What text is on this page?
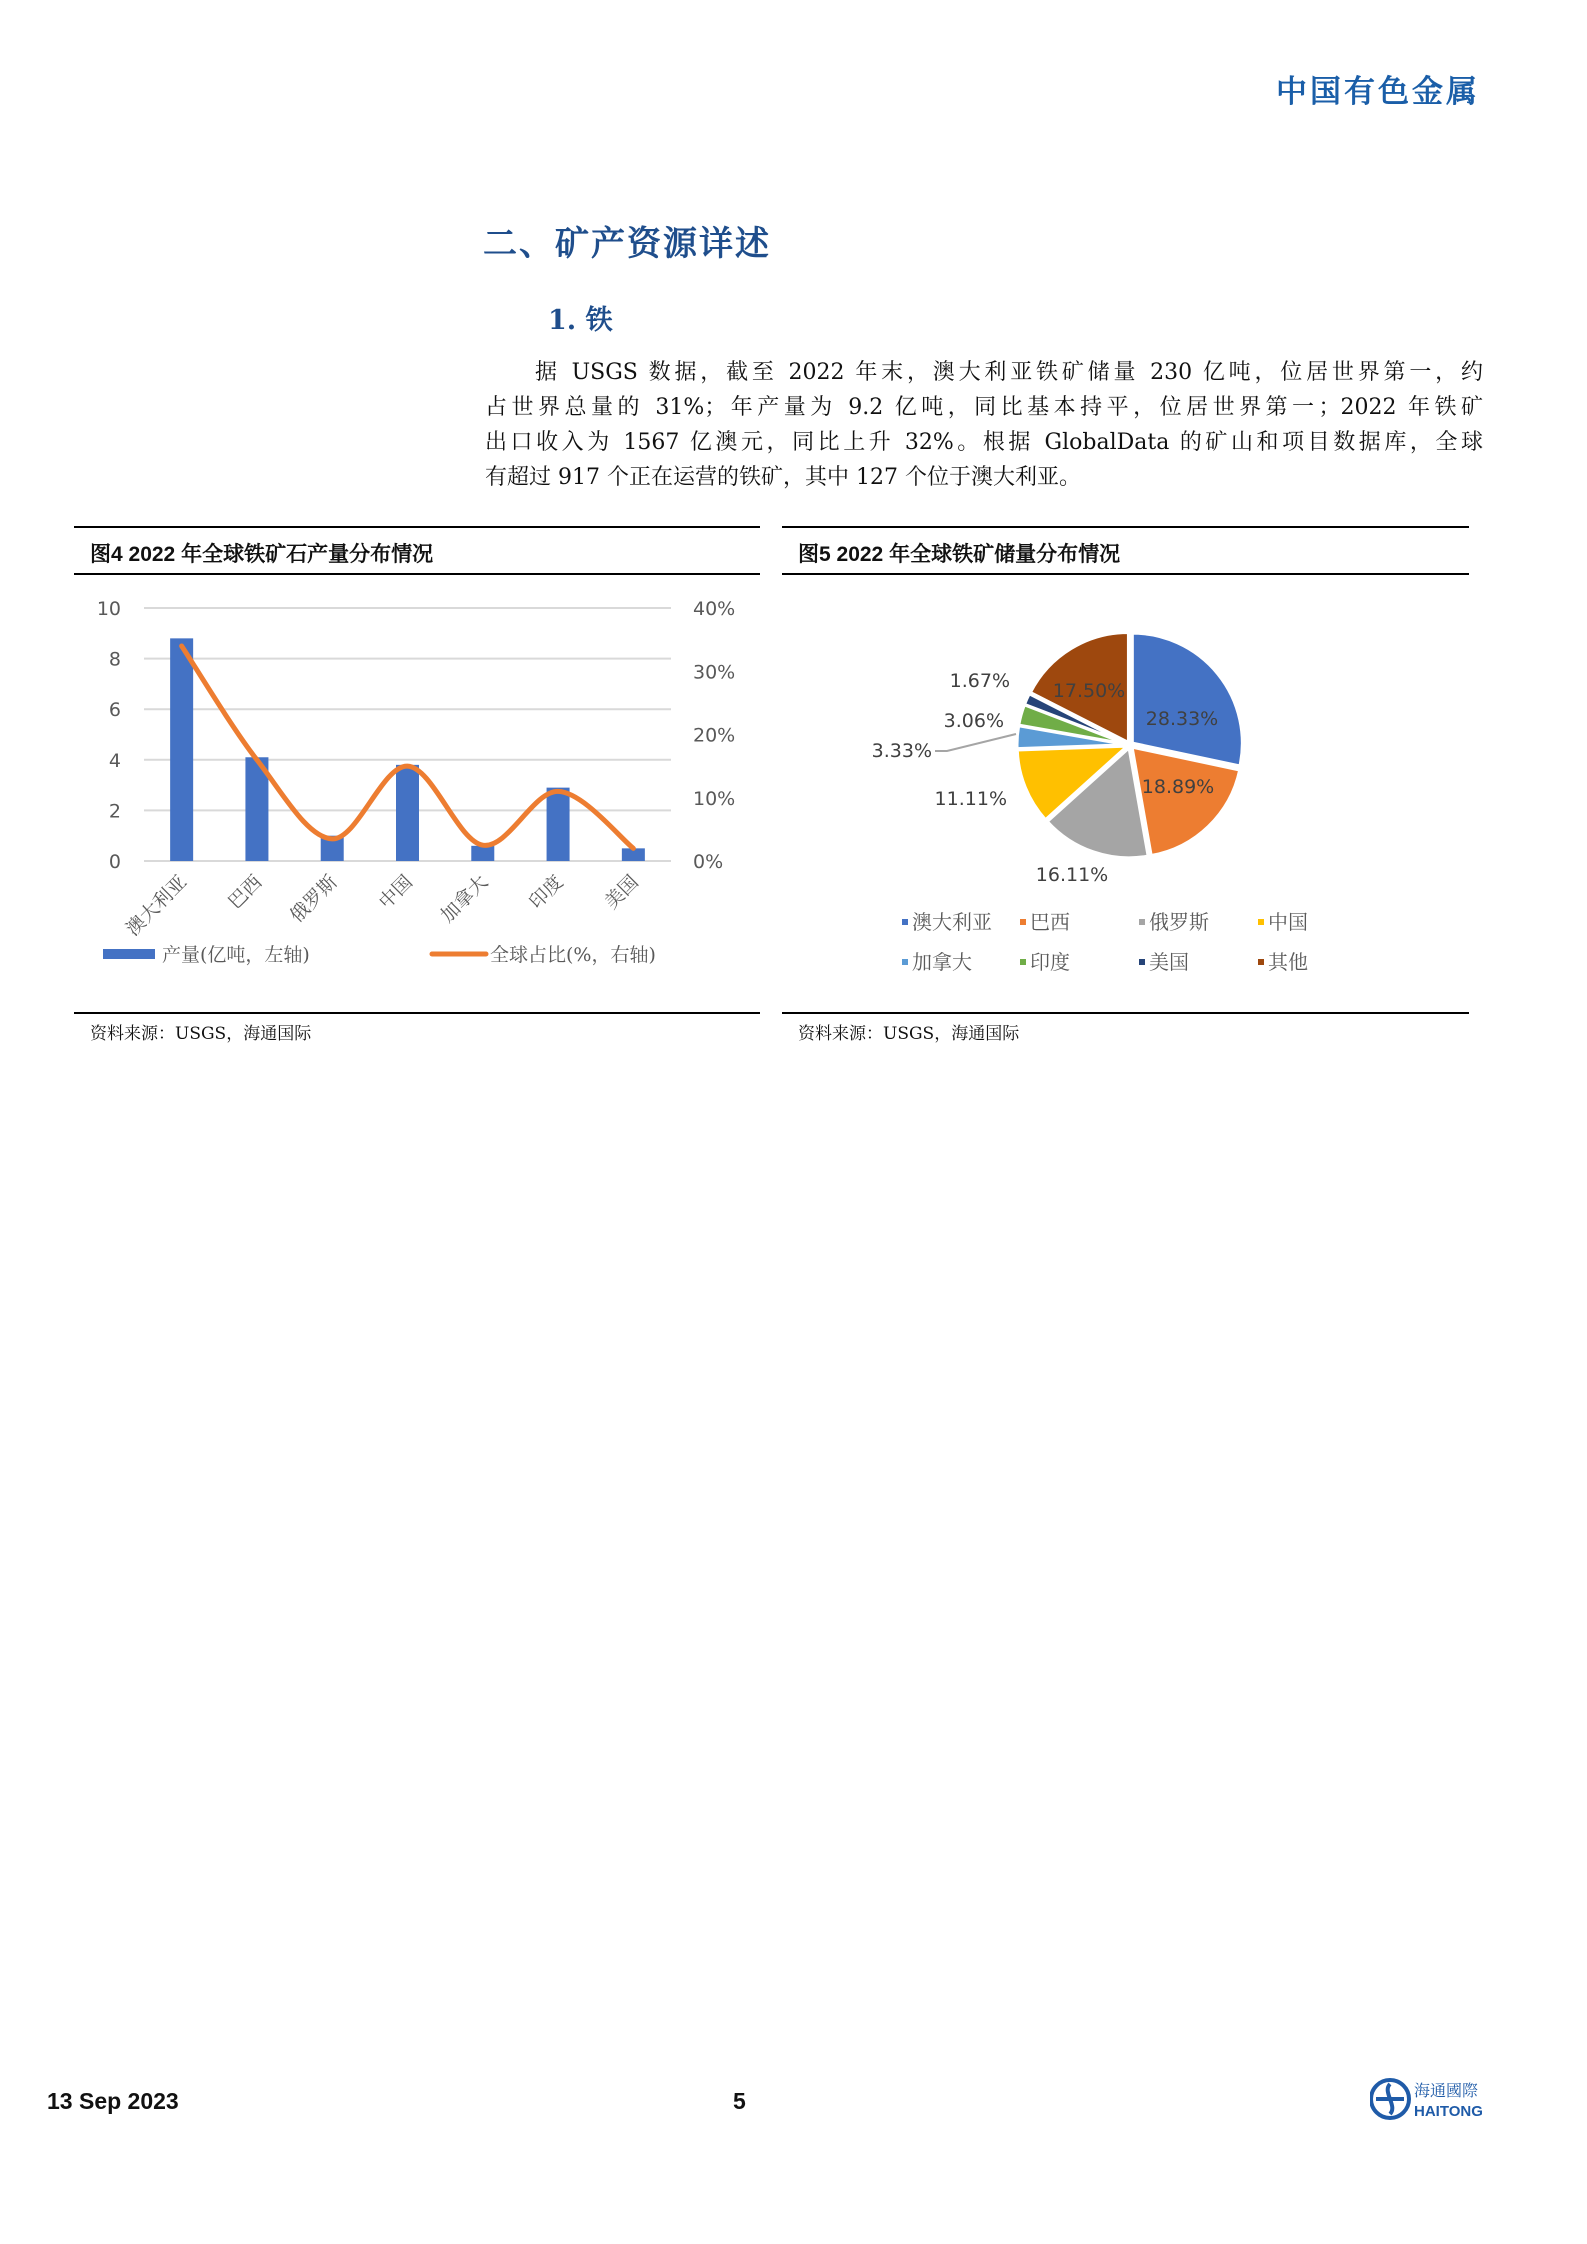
中国有色金属
二、矿产资源详述
1. 铁
据 USGS 数据，截至 2022 年末，澳大利亚铁矿储量 230 亿吨，位居世界第一，约
占世界总量的 31%；年产量为 9.2 亿吨，同比基本持平，位居世界第一；2022 年铁矿
出口收入为 1567 亿澳元，同比上升 32%。根据 GlobalData 的矿山和项目数据库，全球
有超过 917 个正在运营的铁矿，其中 127 个位于澳大利亚。
图4 2022 年全球铁矿石产量分布情况
0
2
4
6
8
10
0%
10%
20%
30%
40%
澳大利亚 巴西 俄罗斯 中国 加拿大 印度 美国
产量(亿吨，左轴)	全球占比(%，右轴)
资料来源：USGS，海通国际
图5 2022 年全球铁矿储量分布情况
28.33%
18.89%
16.11%
11.11%
3.33%
3.06%
1.67% 17.50%
澳大利亚 巴西	俄罗斯	中国
加拿大	印度	美国	其他
资料来源：USGS，海通国际
13 Sep 2023	5	海通國際
HAITONG
